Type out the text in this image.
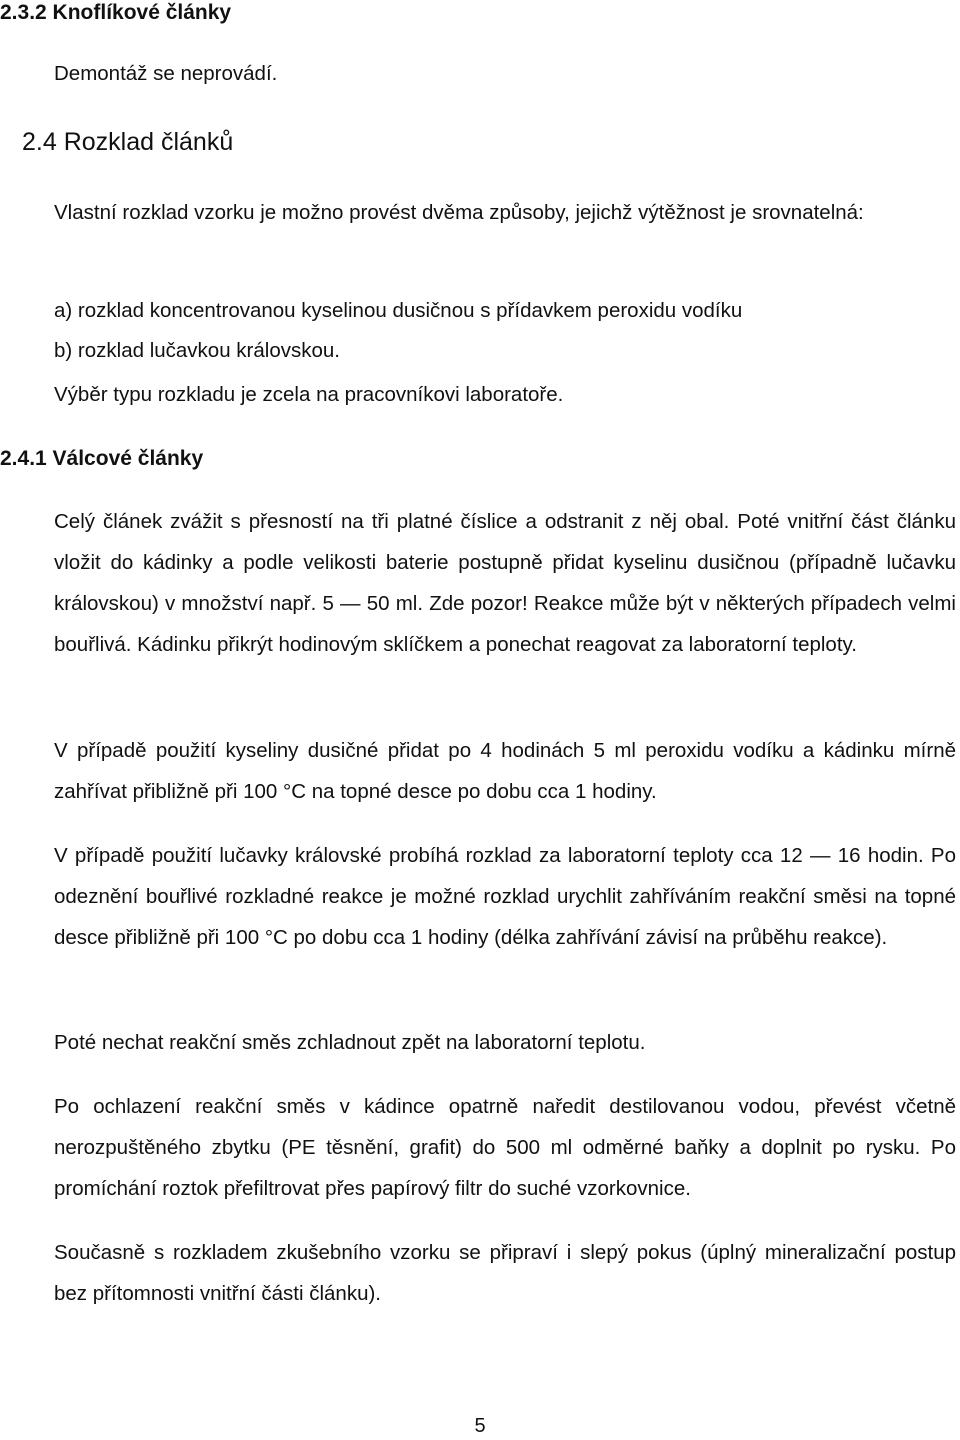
2.3.2 Knoflíkové články

Demontáž se neprovádí.

2.4 Rozklad článků

Vlastní rozklad vzorku je možno provést dvěma způsoby, jejichž výtěžnost je srovnatelná:

a) rozklad koncentrovanou kyselinou dusičnou s přídavkem peroxidu vodíku

b) rozklad lučavkou královskou.

Výběr typu rozkladu je zcela na pracovníkovi laboratoře.

2.4.1 Válcové články

Celý článek zvážit s přesností na tři platné číslice a odstranit z něj obal. Poté vnitřní část článku vložit do kádinky a podle velikosti baterie postupně přidat kyselinu dusičnou (případně lučavku královskou) v množství např. 5 — 50 ml. Zde pozor! Reakce může být v některých případech velmi bouřlivá. Kádinku přikrýt hodinovým sklíčkem a ponechat reagovat za laboratorní teploty.

V případě použití kyseliny dusičné přidat po 4 hodinách 5 ml peroxidu vodíku a kádinku mírně zahřívat přibližně při 100 °C na topné desce po dobu cca 1 hodiny.

V případě použití lučavky královské probíhá rozklad za laboratorní teploty cca 12 — 16 hodin. Po odeznění bouřlivé rozkladné reakce je možné rozklad urychlit zahříváním reakční směsi na topné desce přibližně při 100 °C po dobu cca 1 hodiny (délka zahřívání závisí na průběhu reakce).

Poté nechat reakční směs zchladnout zpět na laboratorní teplotu.

Po ochlazení reakční směs v kádince opatrně naředit destilovanou vodou, převést včetně nerozpuštěného zbytku (PE těsnění, grafit) do 500 ml odměrné baňky a doplnit po rysku. Po promíchání roztok přefiltrovat přes papírový filtr do suché vzorkovnice.

Současně s rozkladem zkušebního vzorku se připraví i slepý pokus (úplný mineralizační postup bez přítomnosti vnitřní části článku).

5
